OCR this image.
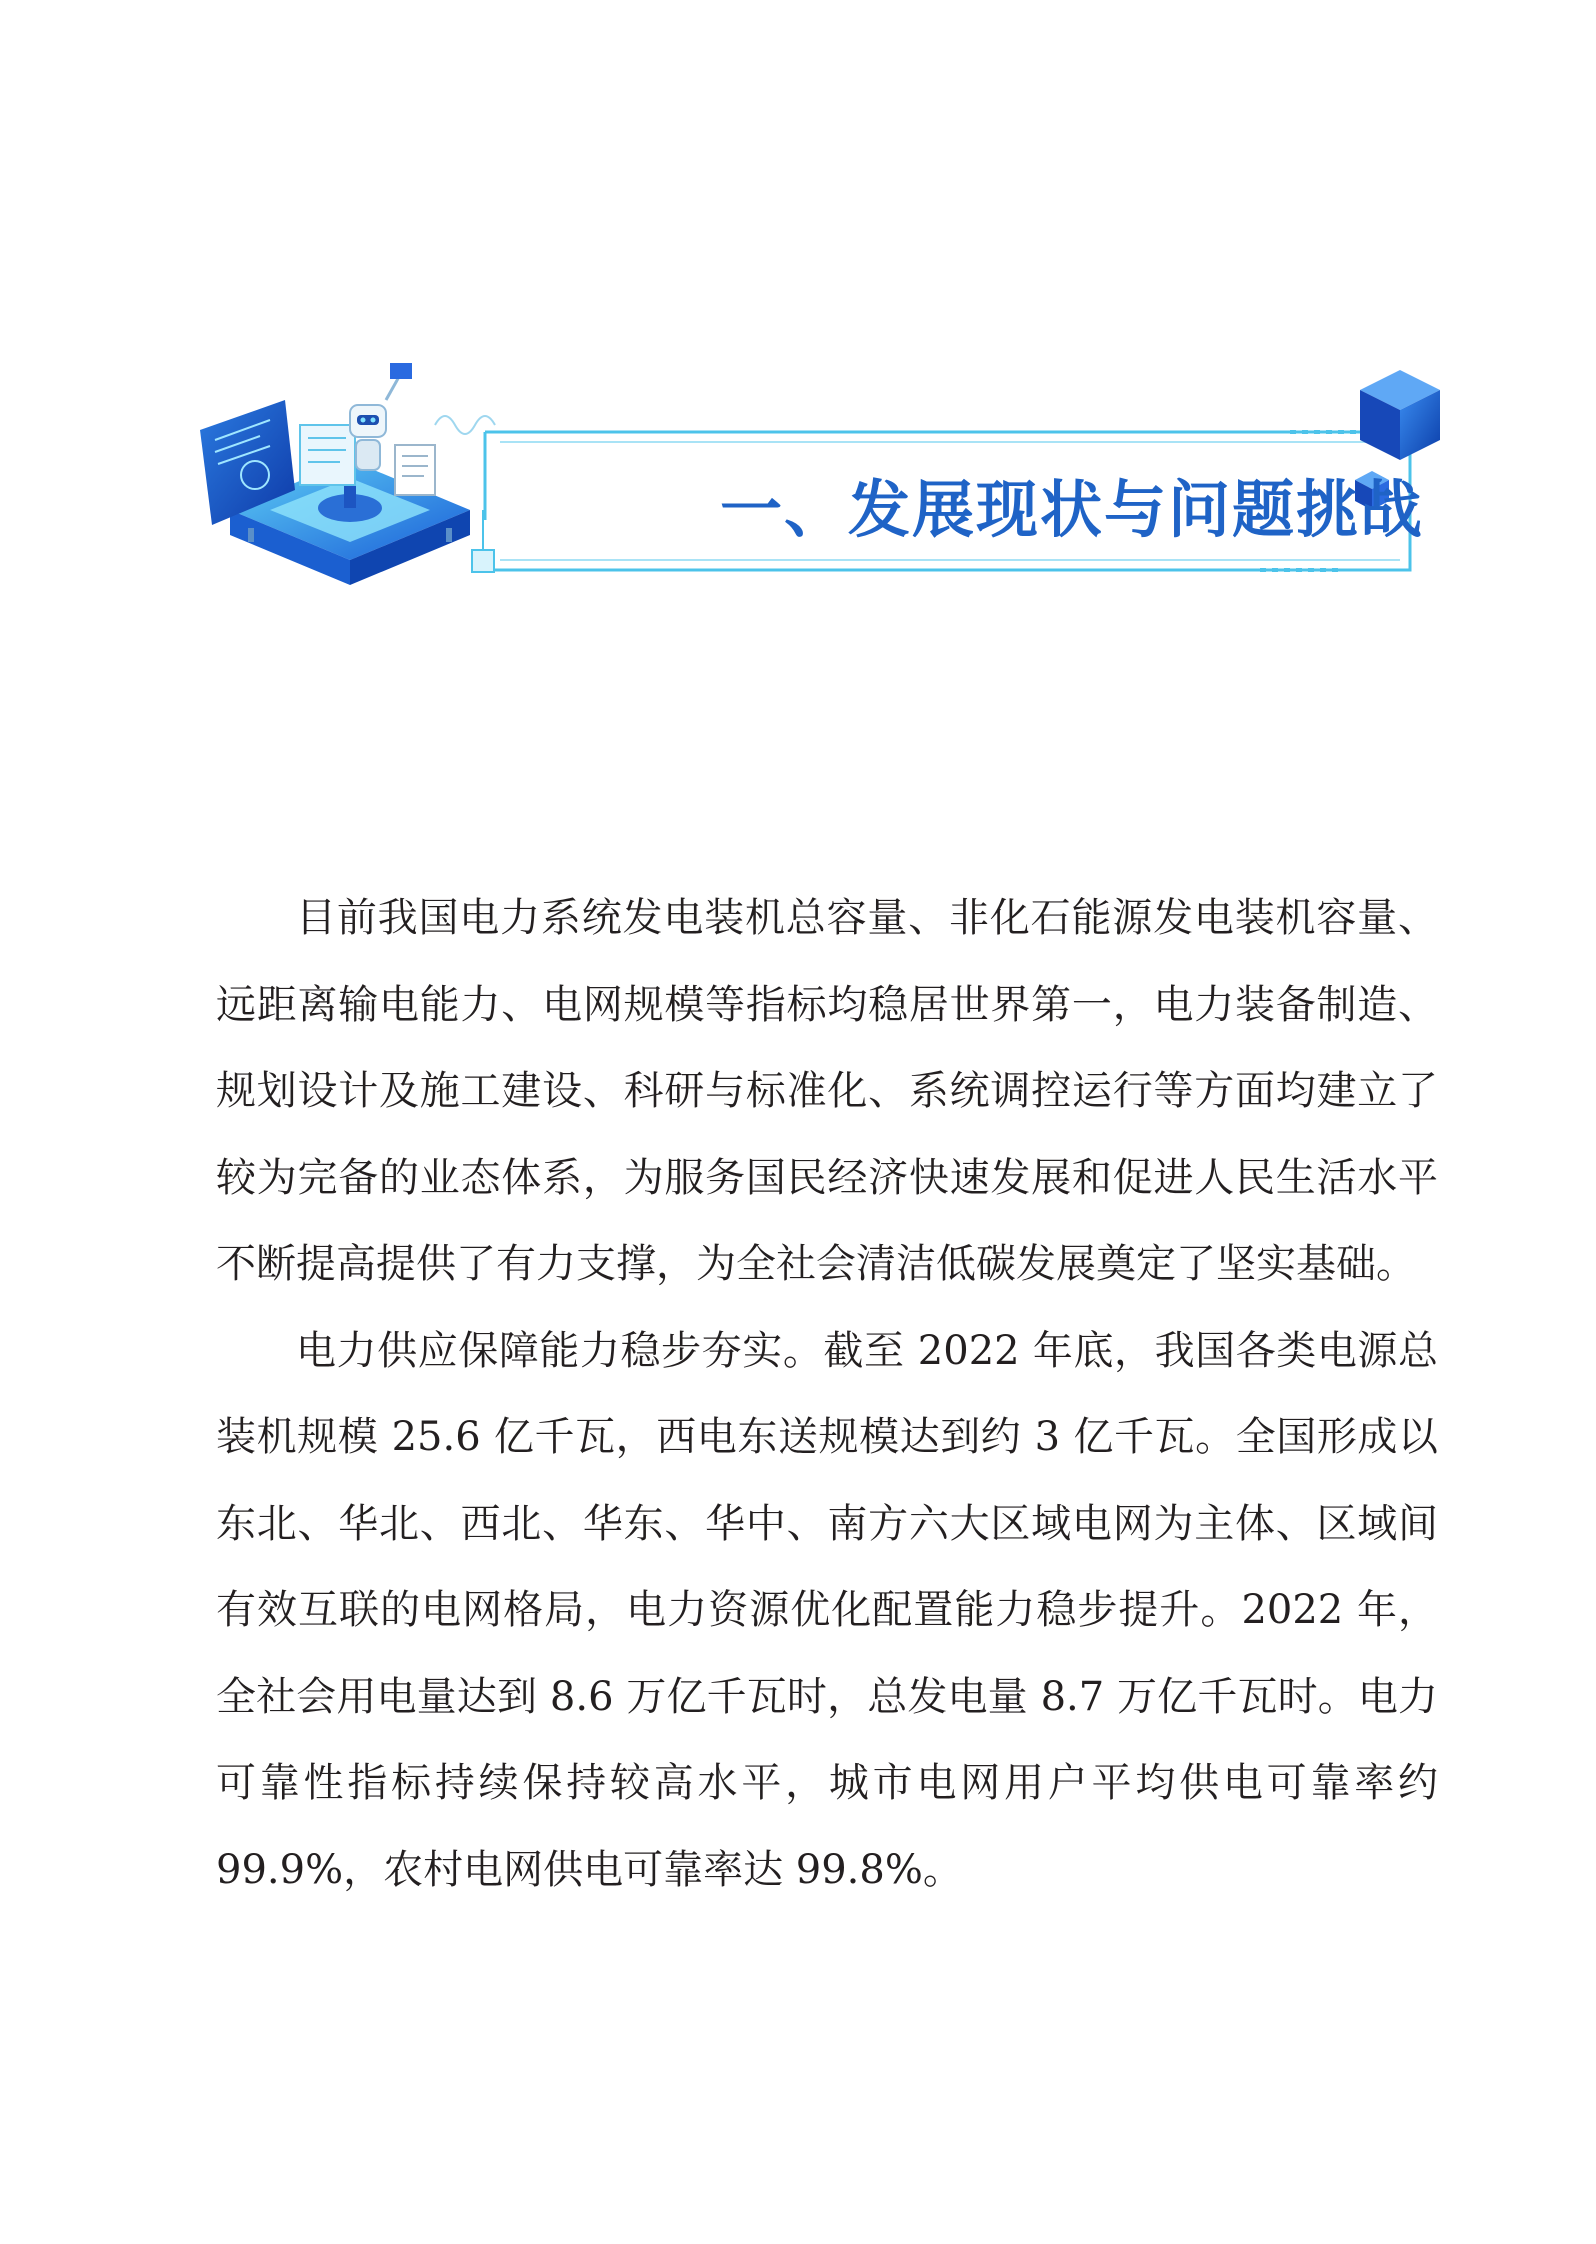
一、发展现状与问题挑战

目前我国电力系统发电装机总容量、非化石能源发电装机容量、远距离输电能力、电网规模等指标均稳居世界第一，电力装备制造、规划设计及施工建设、科研与标准化、系统调控运行等方面均建立了较为完备的业态体系，为服务国民经济快速发展和促进人民生活水平不断提高提供了有力支撑，为全社会清洁低碳发展奠定了坚实基础。

电力供应保障能力稳步夯实。截至 2022 年底，我国各类电源总装机规模 25.6 亿千瓦，西电东送规模达到约 3 亿千瓦。全国形成以东北、华北、西北、华东、华中、南方六大区域电网为主体、区域间有效互联的电网格局，电力资源优化配置能力稳步提升。2022 年，全社会用电量达到 8.6 万亿千瓦时，总发电量 8.7 万亿千瓦时。电力可靠性指标持续保持较高水平，城市电网用户平均供电可靠率约 99.9%，农村电网供电可靠率达 99.8%。
